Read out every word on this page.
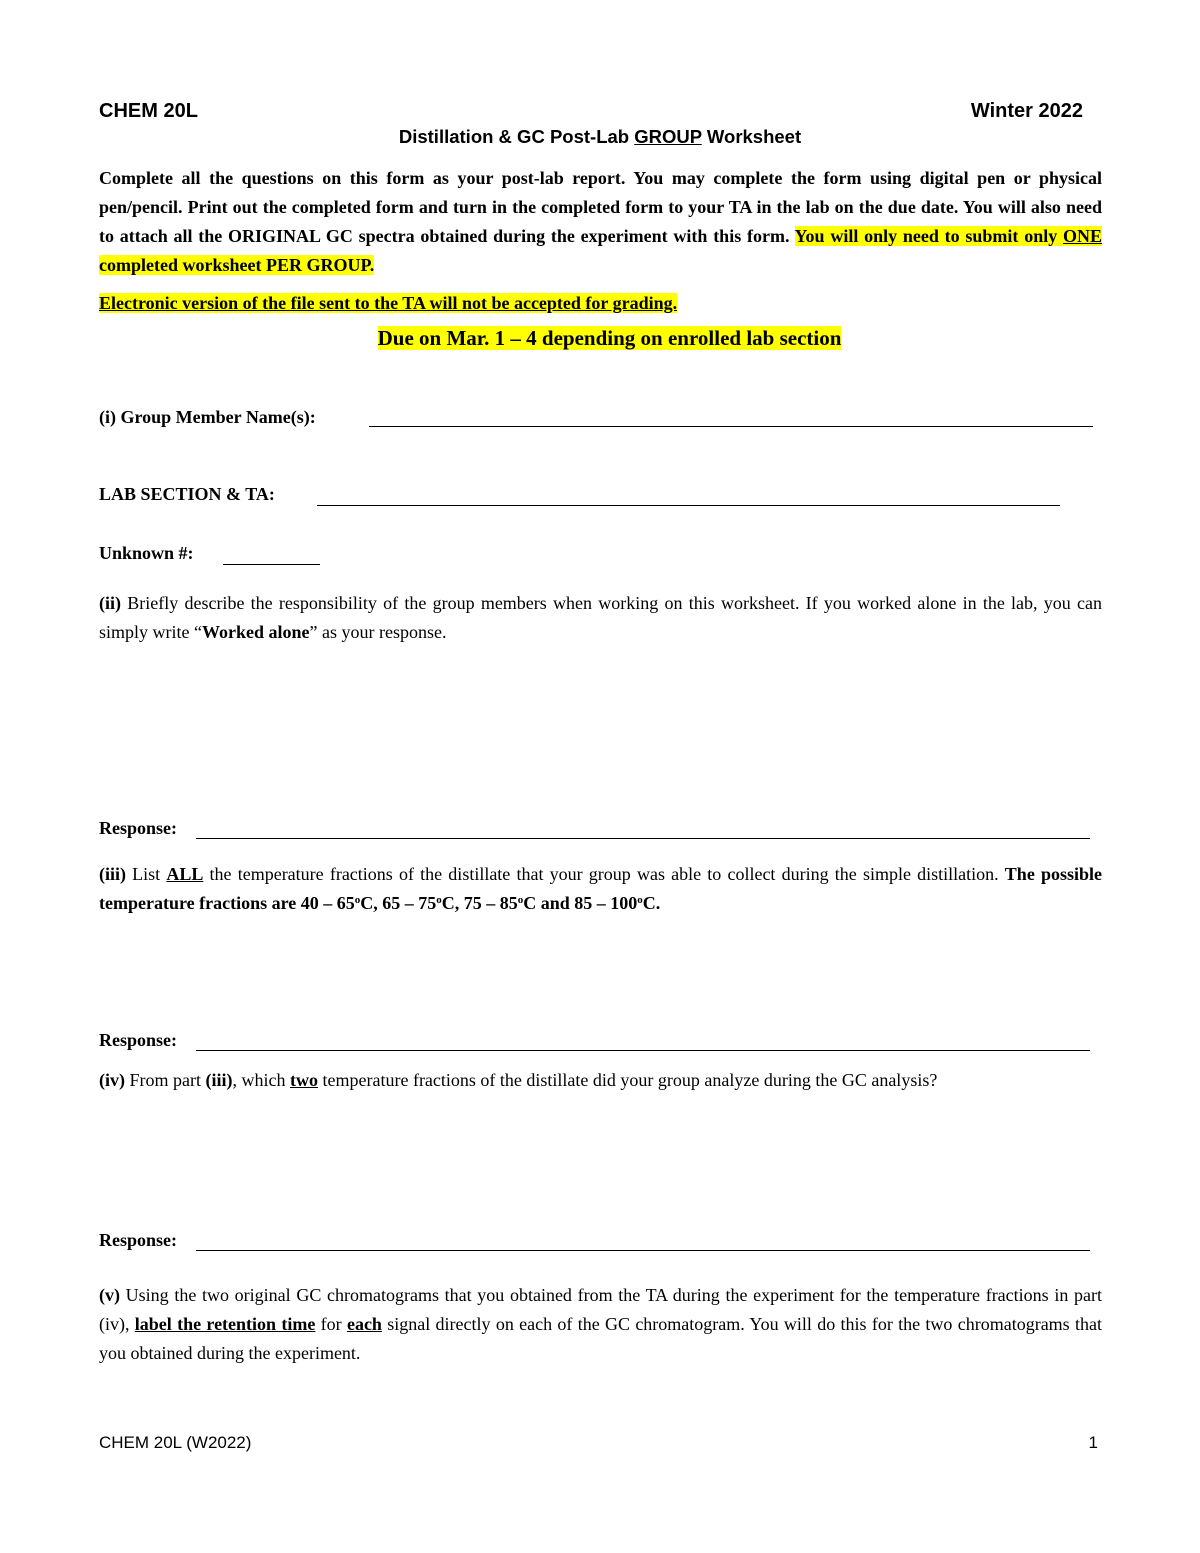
CHEM 20L	Winter 2022
Distillation & GC Post-Lab GROUP Worksheet
Complete all the questions on this form as your post-lab report. You may complete the form using digital pen or physical pen/pencil. Print out the completed form and turn in the completed form to your TA in the lab on the due date. You will also need to attach all the ORIGINAL GC spectra obtained during the experiment with this form. You will only need to submit only ONE completed worksheet PER GROUP.
Electronic version of the file sent to the TA will not be accepted for grading.
Due on Mar. 1 – 4 depending on enrolled lab section
(i) Group Member Name(s):
LAB SECTION & TA:
Unknown #:
(ii) Briefly describe the responsibility of the group members when working on this worksheet. If you worked alone in the lab, you can simply write “Worked alone” as your response.
Response:
(iii) List ALL the temperature fractions of the distillate that your group was able to collect during the simple distillation. The possible temperature fractions are 40 – 65$^o$C, 65 – 75$^o$C, 75 – 85$^o$C and 85 – 100$^o$C.
Response:
(iv) From part (iii), which two temperature fractions of the distillate did your group analyze during the GC analysis?
Response:
(v) Using the two original GC chromatograms that you obtained from the TA during the experiment for the temperature fractions in part (iv), label the retention time for each signal directly on each of the GC chromatogram. You will do this for the two chromatograms that you obtained during the experiment.
CHEM 20L (W2022)	1
